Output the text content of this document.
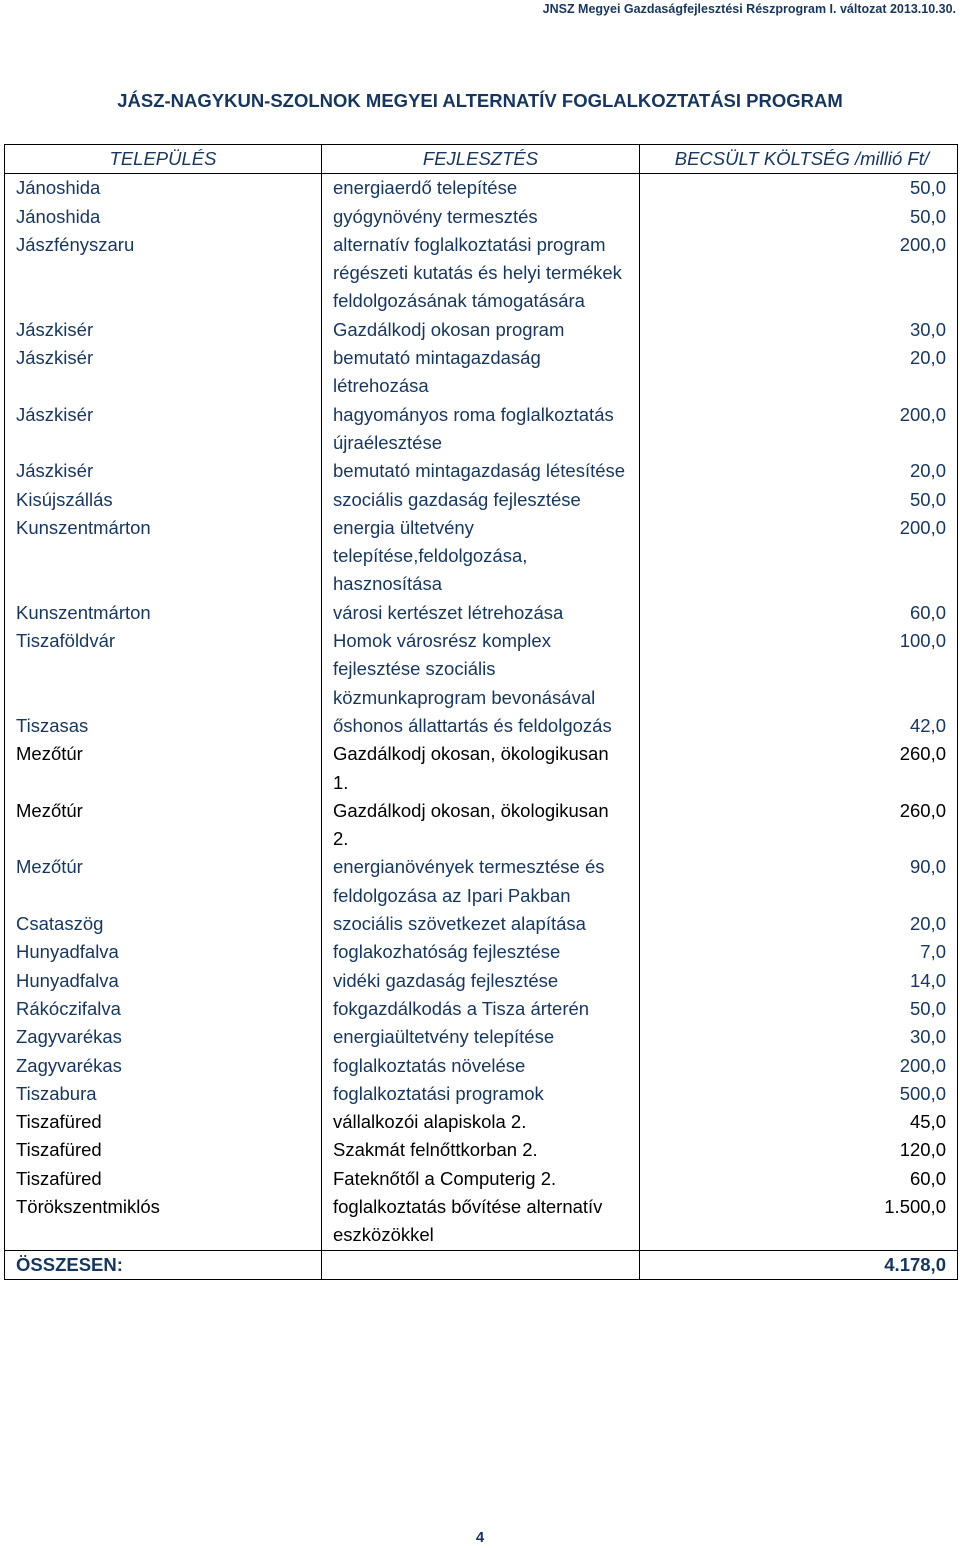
JNSZ Megyei Gazdaságfejlesztési Részprogram I. változat 2013.10.30.
JÁSZ-NAGYKUN-SZOLNOK MEGYEI ALTERNATÍV FOGLALKOZTATÁSI PROGRAM
TELEPÜLÉS	FEJLESZTÉS	BECSÜLT KÖLTSÉG /millió Ft/
Jánoshida	energiaerdő telepítése	50,0
Jánoshida	gyógynövény termesztés	50,0
Jászfényszaru	alternatív foglalkoztatási program régészeti kutatás és helyi termékek feldolgozásának támogatására	200,0
Jászkisér	Gazdálkodj okosan program	30,0
Jászkisér	bemutató mintagazdaság létrehozása	20,0
Jászkisér	hagyományos roma foglalkoztatás újraélesztése	200,0
Jászkisér	bemutató mintagazdaság létesítése	20,0
Kisújszállás	szociális gazdaság fejlesztése	50,0
Kunszentmárton	energia ültetvény telepítése,feldolgozása, hasznosítása	200,0
Kunszentmárton	városi kertészet létrehozása	60,0
Tiszaföldvár	Homok városrész komplex fejlesztése szociális közmunkaprogram bevonásával	100,0
Tiszasas	őshonos állattartás és feldolgozás	42,0
Mezőtúr	Gazdálkodj okosan, ökologikusan 1.	260,0
Mezőtúr	Gazdálkodj okosan, ökologikusan 2.	260,0
Mezőtúr	energianövények termesztése és feldolgozása az Ipari Pakban	90,0
Csataszög	szociális szövetkezet alapítása	20,0
Hunyadfalva	foglakozhatóság fejlesztése	7,0
Hunyadfalva	vidéki gazdaság fejlesztése	14,0
Rákóczifalva	fokgazdálkodás a Tisza árterén	50,0
Zagyvarékas	energiaültetvény telepítése	30,0
Zagyvarékas	foglalkoztatás növelése	200,0
Tiszabura	foglalkoztatási programok	500,0
Tiszafüred	vállalkozói alapiskola 2.	45,0
Tiszafüred	Szakmát felnőttkorban 2.	120,0
Tiszafüred	Fateknőtől a Computerig 2.	60,0
Törökszentmiklós	foglalkoztatás bővítése alternatív eszközökkel	1.500,0
ÖSSZESEN:		4.178,0
4
